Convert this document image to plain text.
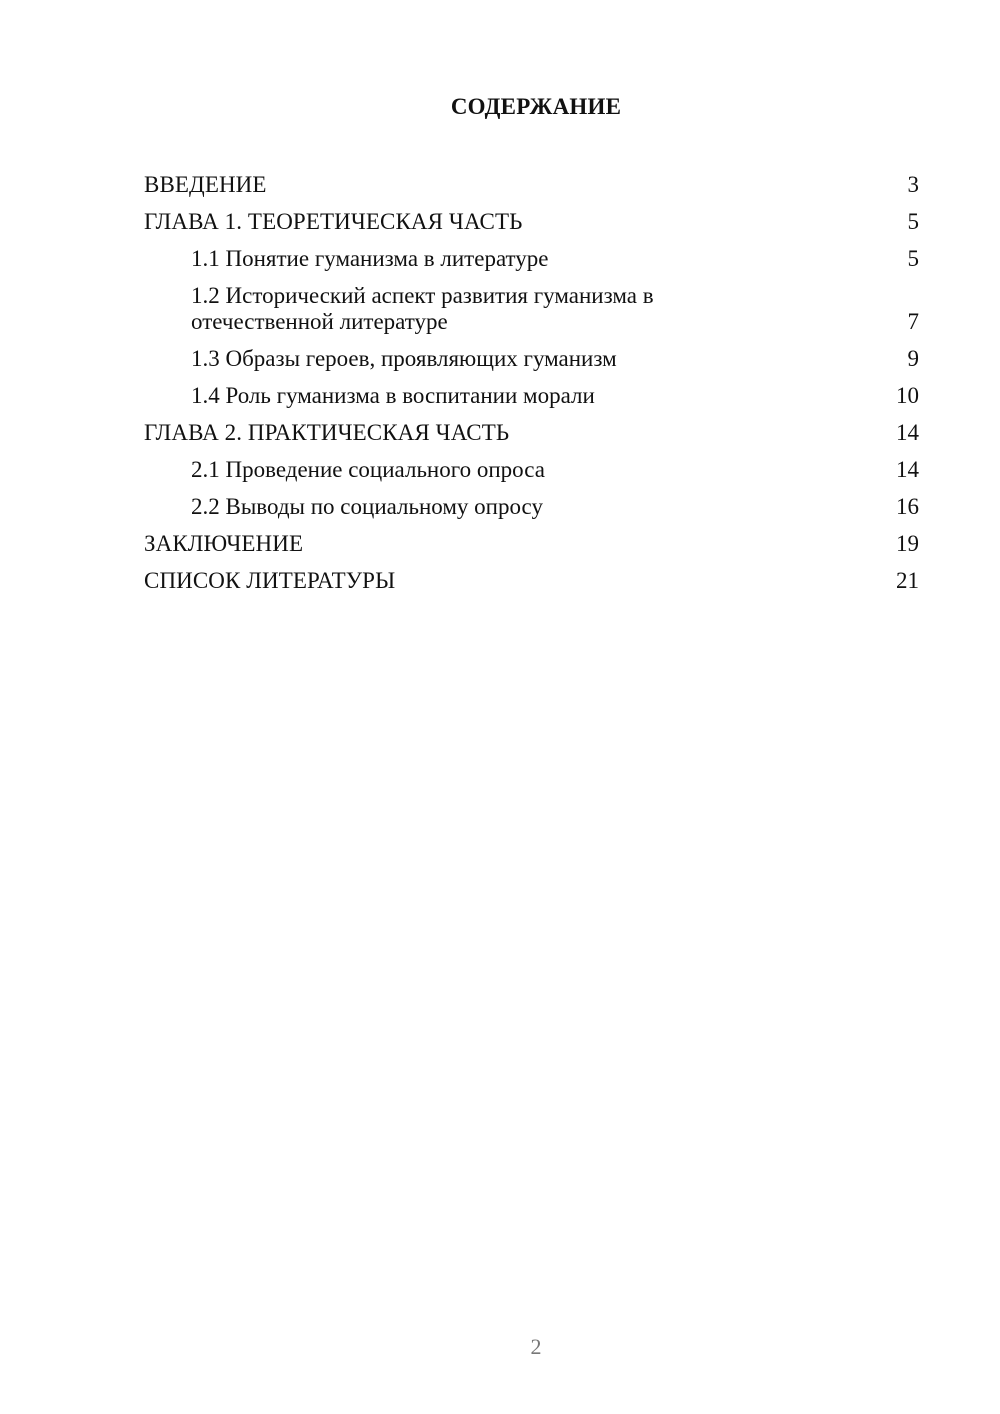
СОДЕРЖАНИЕ
ВВЕДЕНИЕ	3
ГЛАВА 1. ТЕОРЕТИЧЕСКАЯ ЧАСТЬ	5
1.1 Понятие гуманизма в литературе	5
1.2 Исторический аспект развития гуманизма в отечественной литературе	7
1.3 Образы героев, проявляющих гуманизм	9
1.4 Роль гуманизма в воспитании морали	10
ГЛАВА 2. ПРАКТИЧЕСКАЯ ЧАСТЬ	14
2.1 Проведение социального опроса	14
2.2 Выводы по социальному опросу	16
ЗАКЛЮЧЕНИЕ	19
СПИСОК ЛИТЕРАТУРЫ	21
2
